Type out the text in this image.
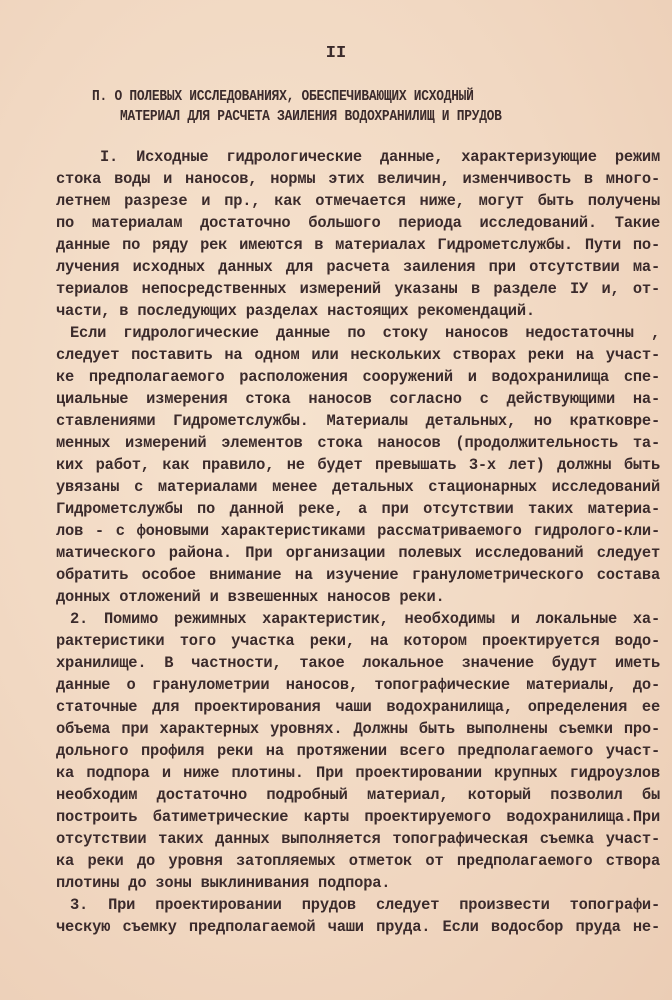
II
П. О ПОЛЕВЫХ ИССЛЕДОВАНИЯХ, ОБЕСПЕЧИВАЮЩИХ ИСХОДНЫЙ
МАТЕРИАЛ ДЛЯ РАСЧЕТА ЗАИЛЕНИЯ ВОДОХРАНИЛИЩ И ПРУДОВ
I. Исходные гидрологические данные, характеризующие режим
стока воды и наносов, нормы этих величин, изменчивость в много-
летнем разрезе и пр., как отмечается ниже, могут быть получены
по материалам достаточно большого периода исследований. Такие
данные по ряду рек имеются в материалах Гидрометслужбы. Пути по-
лучения исходных данных для расчета заиления при отсутствии ма-
териалов непосредственных измерений указаны в разделе IУ и, от-
части, в последующих разделах настоящих рекомендаций.
Если гидрологические данные по стоку наносов недостаточны ,
следует поставить на одном или нескольких створах реки на участ-
ке предполагаемого расположения сооружений и водохранилища спе-
циальные измерения стока наносов согласно с действующими на-
ставлениями Гидрометслужбы. Материалы детальных, но кратковре-
менных измерений элементов стока наносов (продолжительность та-
ких работ, как правило, не будет превышать 3-х лет) должны быть
увязаны с материалами менее детальных стационарных исследований
Гидрометслужбы по данной реке, а при отсутствии таких материа-
лов - с фоновыми характеристиками рассматриваемого гидролого-кли-
матического района. При организации полевых исследований следует
обратить особое внимание на изучение гранулометрического состава
донных отложений и взвешенных наносов реки.
2. Помимо режимных характеристик, необходимы и локальные ха-
рактеристики того участка реки, на котором проектируется водо-
хранилище. В частности, такое локальное значение будут иметь
данные о гранулометрии наносов, топографические материалы, до-
статочные для проектирования чаши водохранилища, определения ее
объема при характерных уровнях. Должны быть выполнены съемки про-
дольного профиля реки на протяжении всего предполагаемого участ-
ка подпора и ниже плотины. При проектировании крупных гидроузлов
необходим достаточно подробный материал, который позволил бы
построить батиметрические карты проектируемого водохранилища.При
отсутствии таких данных выполняется топографическая съемка участ-
ка реки до уровня затопляемых отметок от предполагаемого створа
плотины до зоны выклинивания подпора.
3. При проектировании прудов следует произвести топографи-
ческую съемку предполагаемой чаши пруда. Если водосбор пруда не-
